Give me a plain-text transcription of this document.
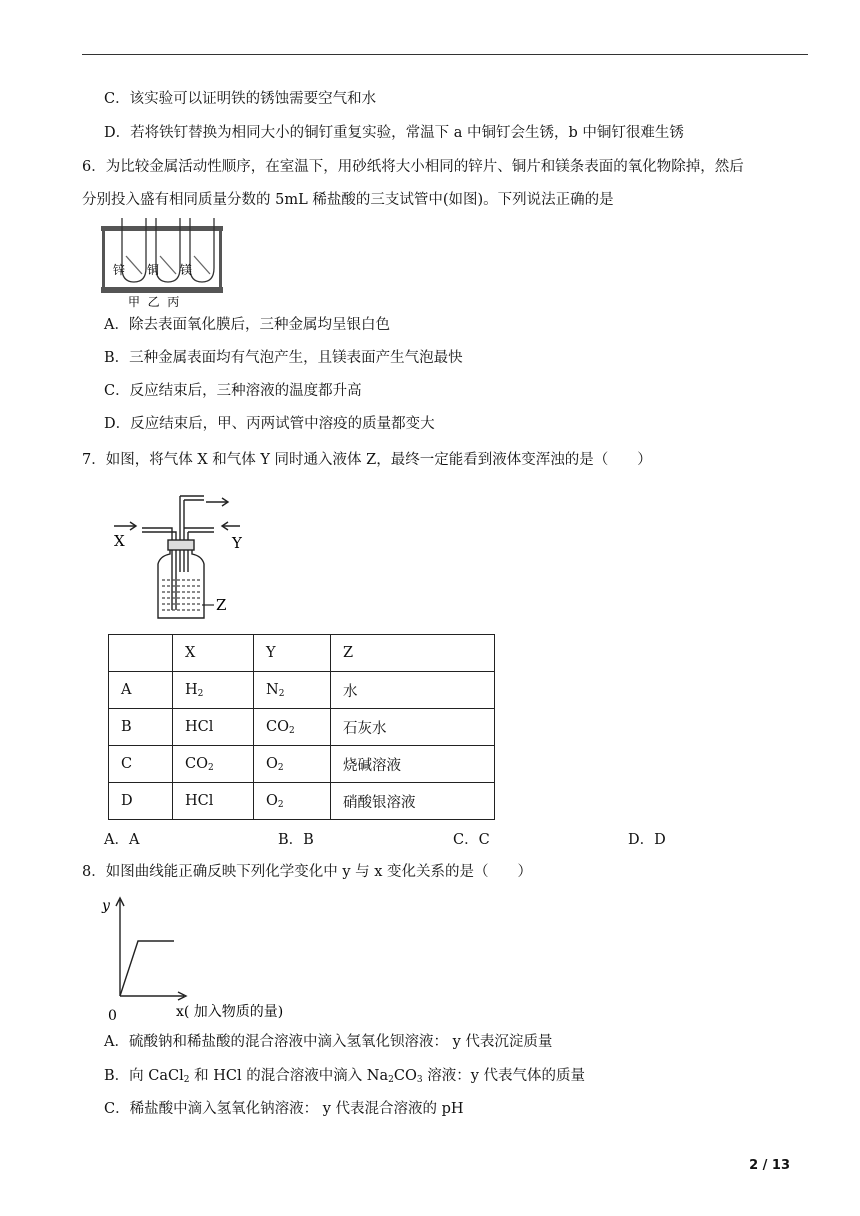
C．该实验可以证明铁的锈蚀需要空气和水
D．若将铁钉替换为相同大小的铜钉重复实验，常温下 a 中铜钉会生锈，b 中铜钉很难生锈
6．为比较金属活动性顺序，在室温下，用砂纸将大小相同的锌片、铜片和镁条表面的氧化物除掉，然后
分别投入盛有相同质量分数的 5mL 稀盐酸的三支试管中(如图)。下列说法正确的是
锌 铜 镁
甲  乙  丙
A．除去表面氧化膜后，三种金属均呈银白色
B．三种金属表面均有气泡产生，且镁表面产生气泡最快
C．反应结束后，三种溶液的温度都升高
D．反应结束后，甲、丙两试管中溶疫的质量都变大
7．如图，将气体 X 和气体 Y 同时通入液体 Z，最终一定能看到液体变浑浊的是（　　）
X	Y
Z
	X	Y	Z
A	$H_2$	$N_2$	水
B	HCl	$CO_2$	石灰水
C	$CO_2$	$O_2$	烧碱溶液
D	HCl	$O_2$	硝酸银溶液
A．A	B．B	C．C	D．D
8．如图曲线能正确反映下列化学变化中 y 与 x 变化关系的是（　　）
y
0	x( 加入物质的量)
A．硫酸钠和稀盐酸的混合溶液中滴入氢氧化钡溶液： y 代表沉淀质量
B．向 CaCl$_2$ 和 HCl 的混合溶液中滴入 $Na_2CO_3$ 溶液：y 代表气体的质量
C．稀盐酸中滴入氢氧化钠溶液： y 代表混合溶液的 pH
2 / 13
